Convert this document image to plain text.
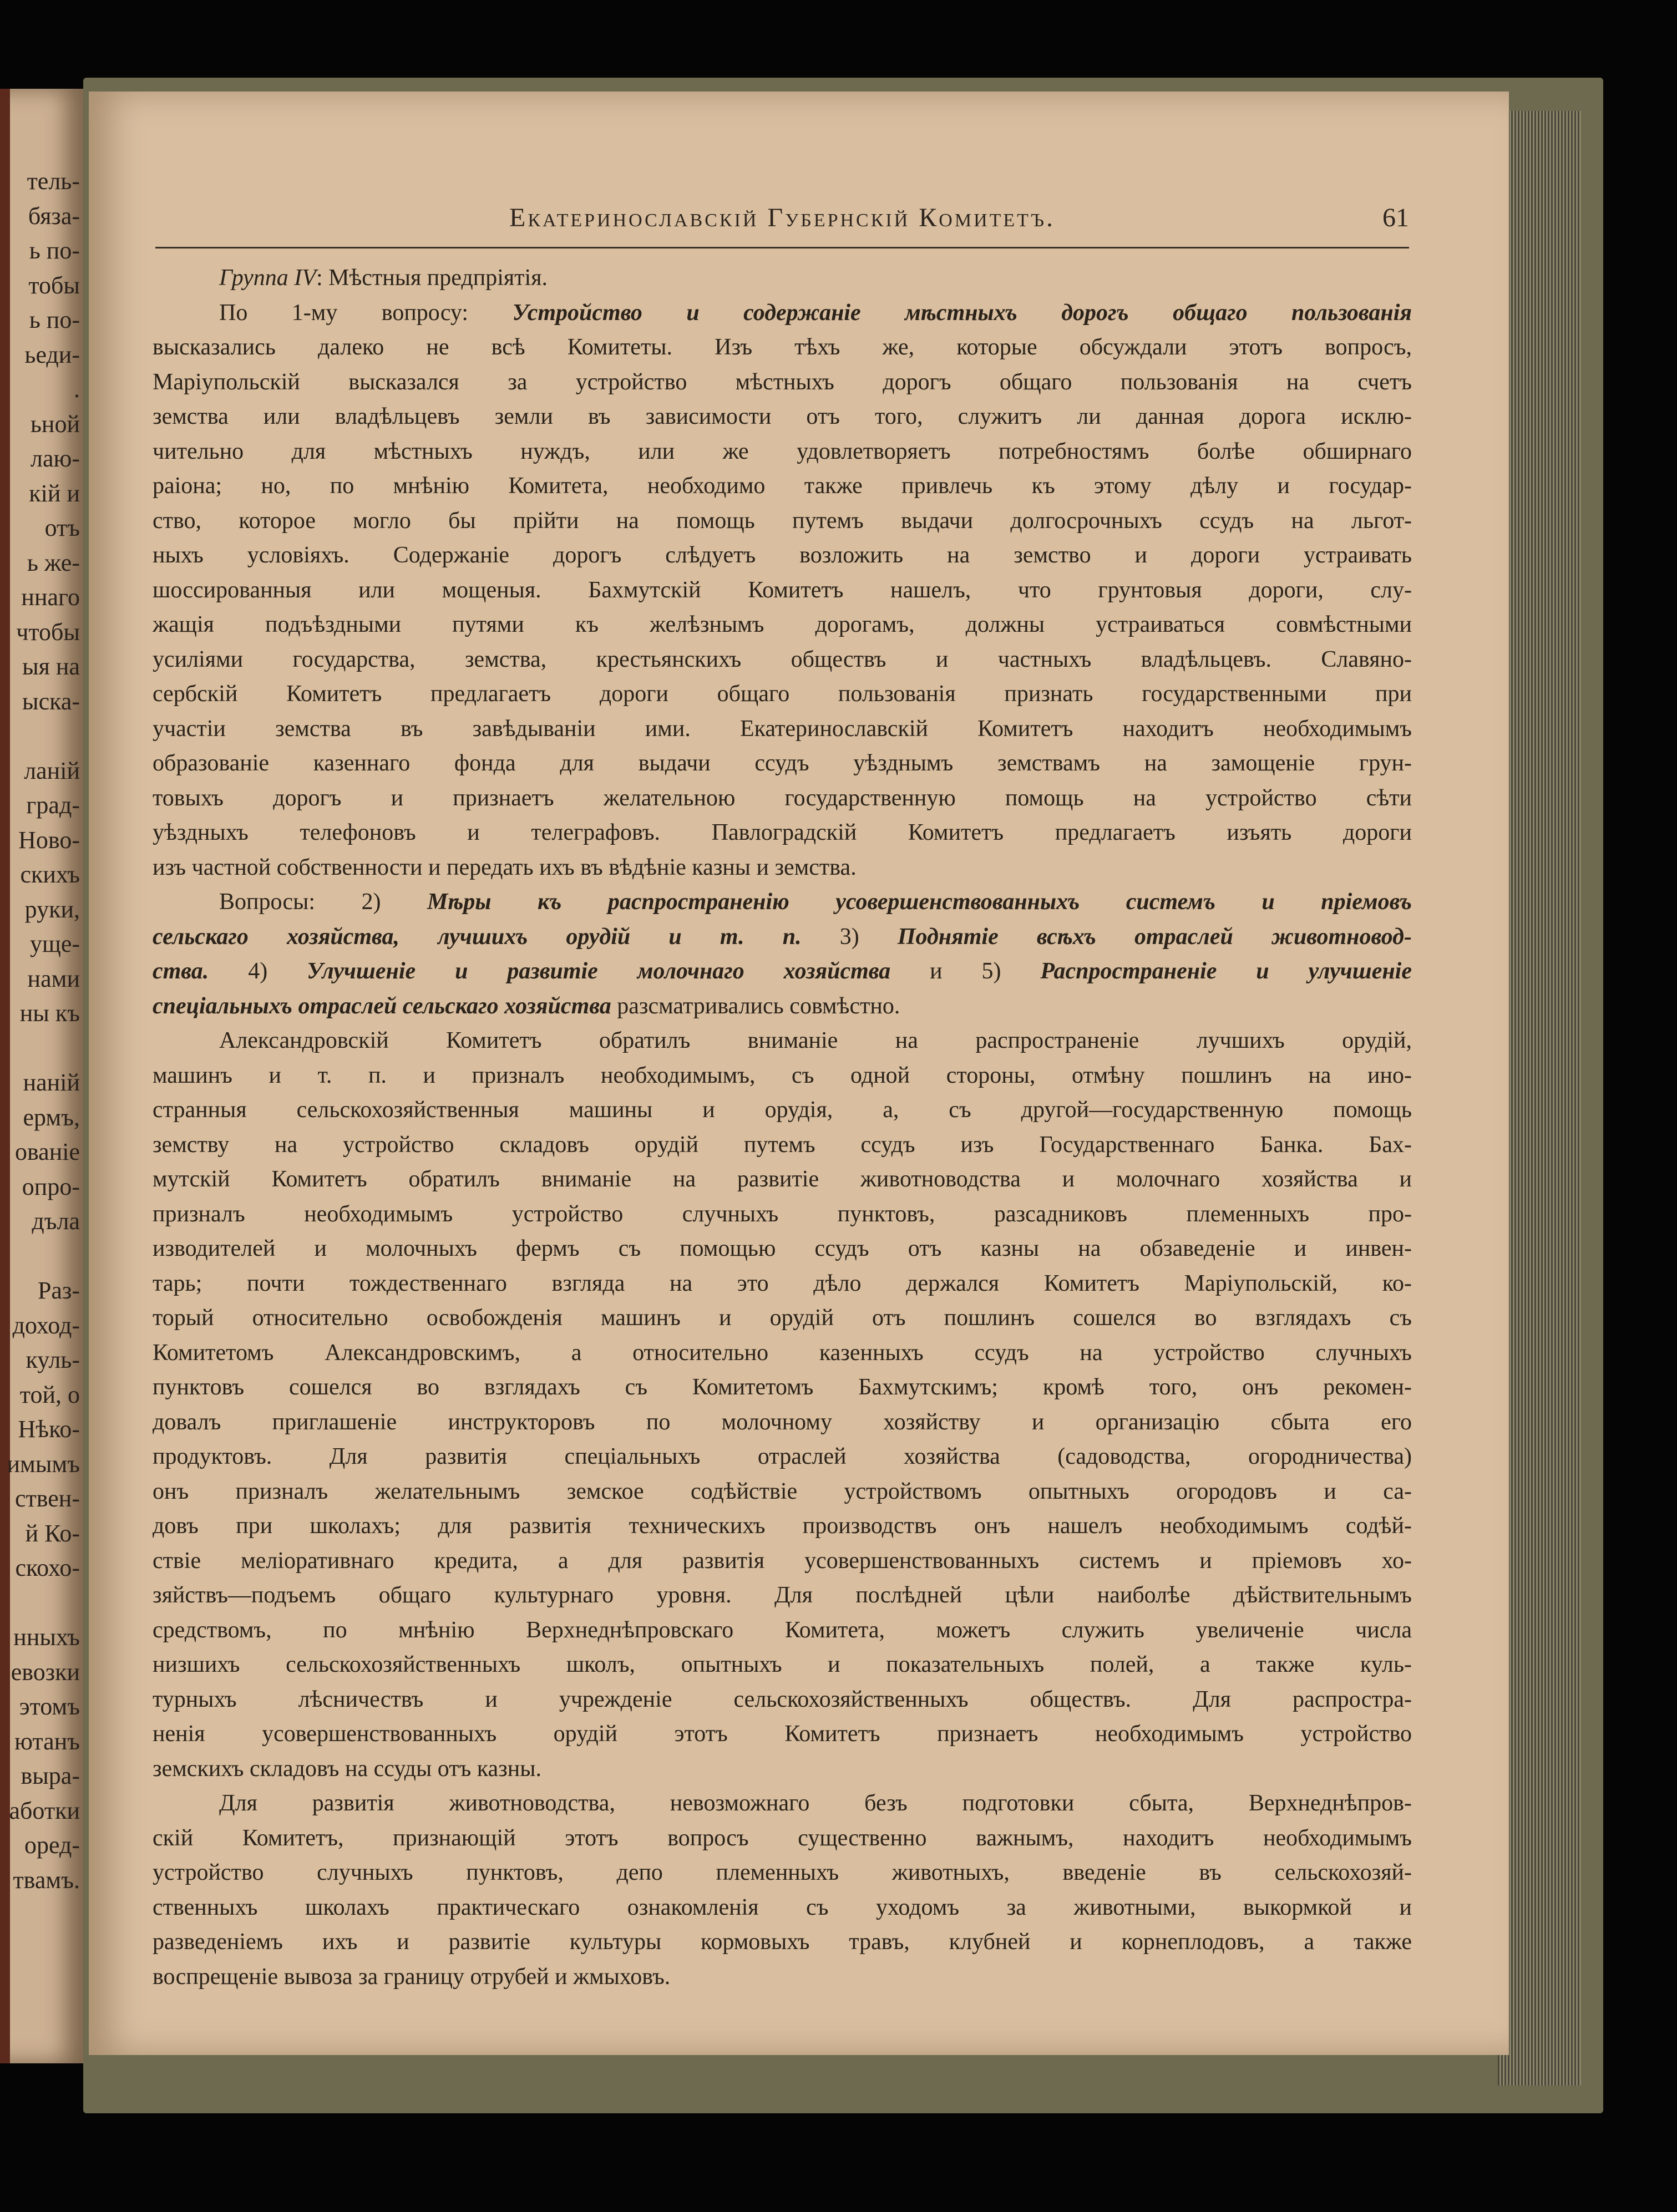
тель-
бяза-
ь по-
тобы
ь по-
ьеди-
.
ьной
лаю-
кій и
отъ
ь же-
ннаго
чтобы
ыя на
ыска-
ланій
град-
Ново-
скихъ
руки,
ущe-
нами
ны къ
наній
ермъ,
ованіе
опро-
дъла
Раз-
доход-
куль-
той, о
Нѣко-
имымъ
ствен-
й Ко-
скохо-
нныхъ
евозки
этомъ
ютанъ
выра-
аботки
оред-
твамъ.
Екатеринославскій Губернскій Комитетъ.	61
Группа IV: Мѣстныя предпріятія.
По 1-му вопросу: Устройство и содержаніе мѣстныхъ дорогъ общаго пользованія
высказались далеко не всѣ Комитеты. Изъ тѣхъ же, которые обсуждали этотъ вопросъ,
Маріупольскій высказался за устройство мѣстныхъ дорогъ общаго пользованія на счетъ
земства или владѣльцевъ земли въ зависимости отъ того, служитъ ли данная дорога исклю-
чительно для мѣстныхъ нуждъ, или же удовлетворяетъ потребностямъ болѣе обширнаго
раіона; но, по мнѣнію Комитета, необходимо также привлечь къ этому дѣлу и государ-
ство, которое могло бы прійти на помощь путемъ выдачи долгосрочныхъ ссудъ на льгот-
ныхъ условіяхъ. Содержаніе дорогъ слѣдуетъ возложить на земство и дороги устраивать
шоссированныя или мощеныя. Бахмутскій Комитетъ нашелъ, что грунтовыя дороги, слу-
жащія подъѣздными путями къ желѣзнымъ дорогамъ, должны устраиваться совмѣстными
усиліями государства, земства, крестьянскихъ обществъ и частныхъ владѣльцевъ. Славяно-
сербскій Комитетъ предлагаетъ дороги общаго пользованія признать государственными при
участіи земства въ завѣдываніи ими. Екатеринославскій Комитетъ находитъ необходимымъ
образованіе казеннаго фонда для выдачи ссудъ уѣзднымъ земствамъ на замощеніе грун-
товыхъ дорогъ и признаетъ желательною государственную помощь на устройство сѣти
уѣздныхъ телефоновъ и телеграфовъ. Павлоградскій Комитетъ предлагаетъ изъять дороги
изъ частной собственности и передать ихъ въ вѣдѣніе казны и земства.
Вопросы: 2) Мѣры къ распространенію усовершенствованныхъ системъ и пріемовъ
сельскаго хозяйства, лучшихъ орудій и т. п. 3) Поднятіе всѣхъ отраслей животновод-
ства. 4) Улучшеніе и развитіе молочнаго хозяйства и 5) Распространеніе и улучшеніе
спеціальныхъ отраслей сельскаго хозяйства разсматривались совмѣстно.
Александровскій Комитетъ обратилъ вниманіе на распространеніе лучшихъ орудій,
машинъ и т. п. и призналъ необходимымъ, съ одной стороны, отмѣну пошлинъ на ино-
странныя сельскохозяйственныя машины и орудія, а, съ другой—государственную помощь
земству на устройство складовъ орудій путемъ ссудъ изъ Государственнаго Банка. Бах-
мутскій Комитетъ обратилъ вниманіе на развитіе животноводства и молочнаго хозяйства и
призналъ необходимымъ устройство случныхъ пунктовъ, разсадниковъ племенныхъ про-
изводителей и молочныхъ фермъ съ помощью ссудъ отъ казны на обзаведеніе и инвен-
тарь; почти тождественнаго взгляда на это дѣло держался Комитетъ Маріупольскій, ко-
торый относительно освобожденія машинъ и орудій отъ пошлинъ сошелся во взглядахъ съ
Комитетомъ Александровскимъ, а относительно казенныхъ ссудъ на устройство случныхъ
пунктовъ сошелся во взглядахъ съ Комитетомъ Бахмутскимъ; кромѣ того, онъ рекомен-
довалъ приглашеніе инструкторовъ по молочному хозяйству и организацію сбыта его
продуктовъ. Для развитія спеціальныхъ отраслей хозяйства (садоводства, огородничества)
онъ призналъ желательнымъ земское содѣйствіе устройствомъ опытныхъ огородовъ и са-
довъ при школахъ; для развитія техническихъ производствъ онъ нашелъ необходимымъ содѣй-
ствіе меліоративнаго кредита, а для развитія усовершенствованныхъ системъ и пріемовъ хо-
зяйствъ—подъемъ общаго культурнаго уровня. Для послѣдней цѣли наиболѣе дѣйствительнымъ
средствомъ, по мнѣнію Верхнеднѣпровскаго Комитета, можетъ служить увеличеніе числа
низшихъ сельскохозяйственныхъ школъ, опытныхъ и показательныхъ полей, а также куль-
турныхъ лѣсничествъ и учрежденіе сельскохозяйственныхъ обществъ. Для распростра-
ненія усовершенствованныхъ орудій этотъ Комитетъ признаетъ необходимымъ устройство
земскихъ складовъ на ссуды отъ казны.
Для развитія животноводства, невозможнаго безъ подготовки сбыта, Верхнеднѣпров-
скій Комитетъ, признающій этотъ вопросъ существенно важнымъ, находитъ необходимымъ
устройство случныхъ пунктовъ, депо племенныхъ животныхъ, введеніе въ сельскохозяй-
ственныхъ школахъ практическаго ознакомленія съ уходомъ за животными, выкормкой и
разведеніемъ ихъ и развитіе культуры кормовыхъ травъ, клубней и корнеплодовъ, а также
воспрещеніе вывоза за границу отрубей и жмыховъ.
